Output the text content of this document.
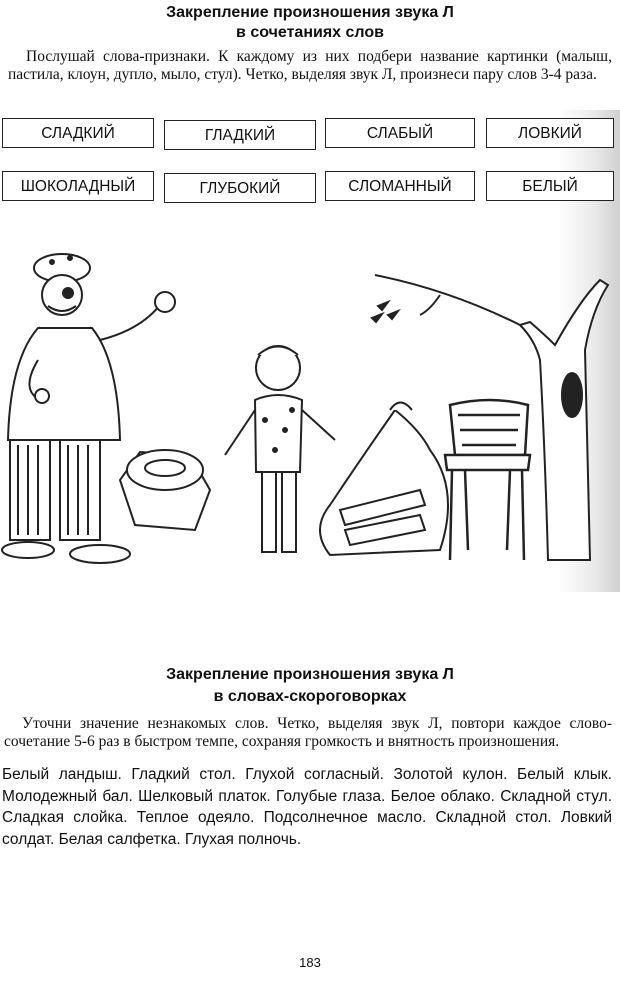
Закрепление произношения звука Л
в сочетаниях слов

Послушай слова-признаки. К каждому из них подбери название картинки (малыш, пастила, клоун, дупло, мыло, стул). Четко, выделяя звук Л, произнеси пару слов 3-4 раза.

СЛАДКИЙ	ГЛАДКИЙ	СЛАБЫЙ	ЛОВКИЙ
ШОКОЛАДНЫЙ	ГЛУБОКИЙ	СЛОМАННЫЙ	БЕЛЫЙ
Закрепление произношения звука Л
в словах-скороговорках

Уточни значение незнакомых слов. Четко, выделяя звук Л, повтори каждое слово-сочетание 5-6 раз в быстром темпе, сохраняя громкость и внятность произношения.

Белый ландыш. Гладкий стол. Глухой согласный. Золотой кулон. Белый клык. Молодежный бал. Шелковый платок. Голубые глаза. Белое облако. Складной стул. Сладкая слойка. Теплое одеяло. Подсолнечное масло. Складной стол. Ловкий солдат. Белая салфетка. Глухая полночь.

183
